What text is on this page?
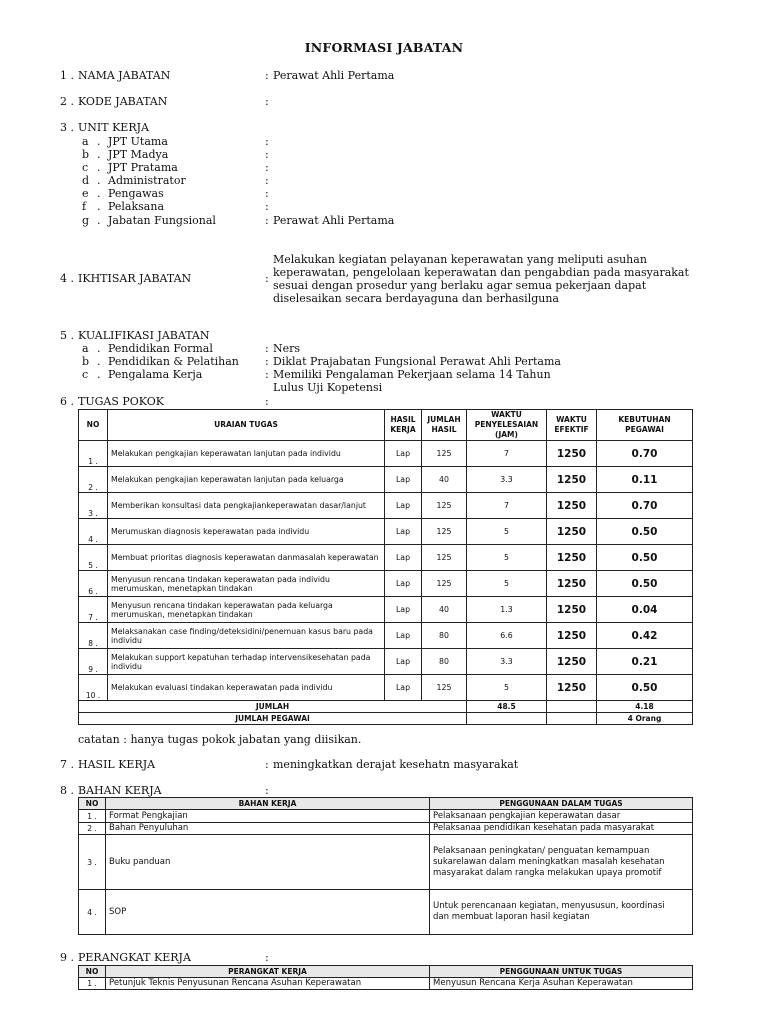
INFORMASI JABATAN
1 . NAMA JABATAN	: Perawat Ahli Pertama
2 . KODE JABATAN	:
3 . UNIT KERJA
a . JPT Utama	:
b . JPT Madya	:
c . JPT Pratama	:
d . Administrator	:
e . Pengawas	:
f . Pelaksana	:
g . Jabatan Fungsional	: Perawat Ahli Pertama
4 . IKHTISAR JABATAN	:
Melakukan kegiatan pelayanan keperawatan yang meliputi asuhan
keperawatan, pengelolaan keperawatan dan pengabdian pada masyarakat
sesuai dengan prosedur yang berlaku agar semua pekerjaan dapat
diselesaikan secara berdayaguna dan berhasilguna
5 . KUALIFIKASI JABATAN
a . Pendidikan Formal	: Ners
b . Pendidikan & Pelatihan : Diklat Prajabatan Fungsional Perawat Ahli Pertama
c . Pengalama Kerja	: Memiliki Pengalaman Pekerjaan selama 14 Tahun
Lulus Uji Kopetensi
6 . TUGAS POKOK	:
NO	URAIAN TUGAS	HASIL KERJA	JUMLAH HASIL	WAKTU PENYELESAIAN (JAM)	WAKTU EFEKTIF	KEBUTUHAN PEGAWAI
1 .	Melakukan pengkajian keperawatan lanjutan pada individu	Lap	125	7	1250	0.70
2 .	Melakukan pengkajian keperawatan lanjutan pada keluarga	Lap	40	3.3	1250	0.11
3 .	Memberikan konsultasi data pengkajiankeperawatan dasar/lanjut	Lap	125	7	1250	0.70
4 .	Merumuskan diagnosis keperawatan pada individu	Lap	125	5	1250	0.50
5 .	Membuat prioritas diagnosis keperawatan danmasalah keperawatan	Lap	125	5	1250	0.50
6 .	Menyusun rencana tindakan keperawatan pada individu merumuskan, menetapkan tindakan	Lap	125	5	1250	0.50
7 .	Menyusun rencana tindakan keperawatan pada keluarga merumuskan, menetapkan tindakan	Lap	40	1.3	1250	0.04
8 .	Melaksanakan case finding/deteksidini/penemuan kasus baru pada individu	Lap	80	6.6	1250	0.42
9 .	Melakukan support kepatuhan terhadap intervensikesehatan pada individu	Lap	80	3.3	1250	0.21
10 .	Melakukan evaluasi tindakan keperawatan pada individu	Lap	125	5	1250	0.50
JUMLAH				48.5		4.18
JUMLAH PEGAWAI						4 Orang
catatan : hanya tugas pokok jabatan yang diisikan.
7 . HASIL KERJA	: meningkatkan derajat kesehatn masyarakat
8 . BAHAN KERJA	:
NO	BAHAN KERJA	PENGGUNAAN DALAM TUGAS
1 .	Format Pengkajian	Pelaksanaan pengkajian keperawatan dasar

2 .	Bahan Penyuluhan	Pelaksanaa pendidikan kesehatan pada masyarakat

3 .	Buku panduan	Pelaksanaan peningkatan/ penguatan kemampuan
sukarelawan dalam meningkatkan masalah kesehatan
masyarakat dalam rangka melakukan upaya promotif

4 .	SOP	Untuk perencanaan kegiatan, menyususun, koordinasi
dan membuat laporan hasil kegiatan
9 . PERANGKAT KERJA	:
NO	PERANGKAT KERJA	PENGGUNAAN UNTUK TUGAS
1 .	Petunjuk Teknis Penyusunan Rencana Asuhan Keperawatan	Menyusun Rencana Kerja Asuhan Keperawatan
